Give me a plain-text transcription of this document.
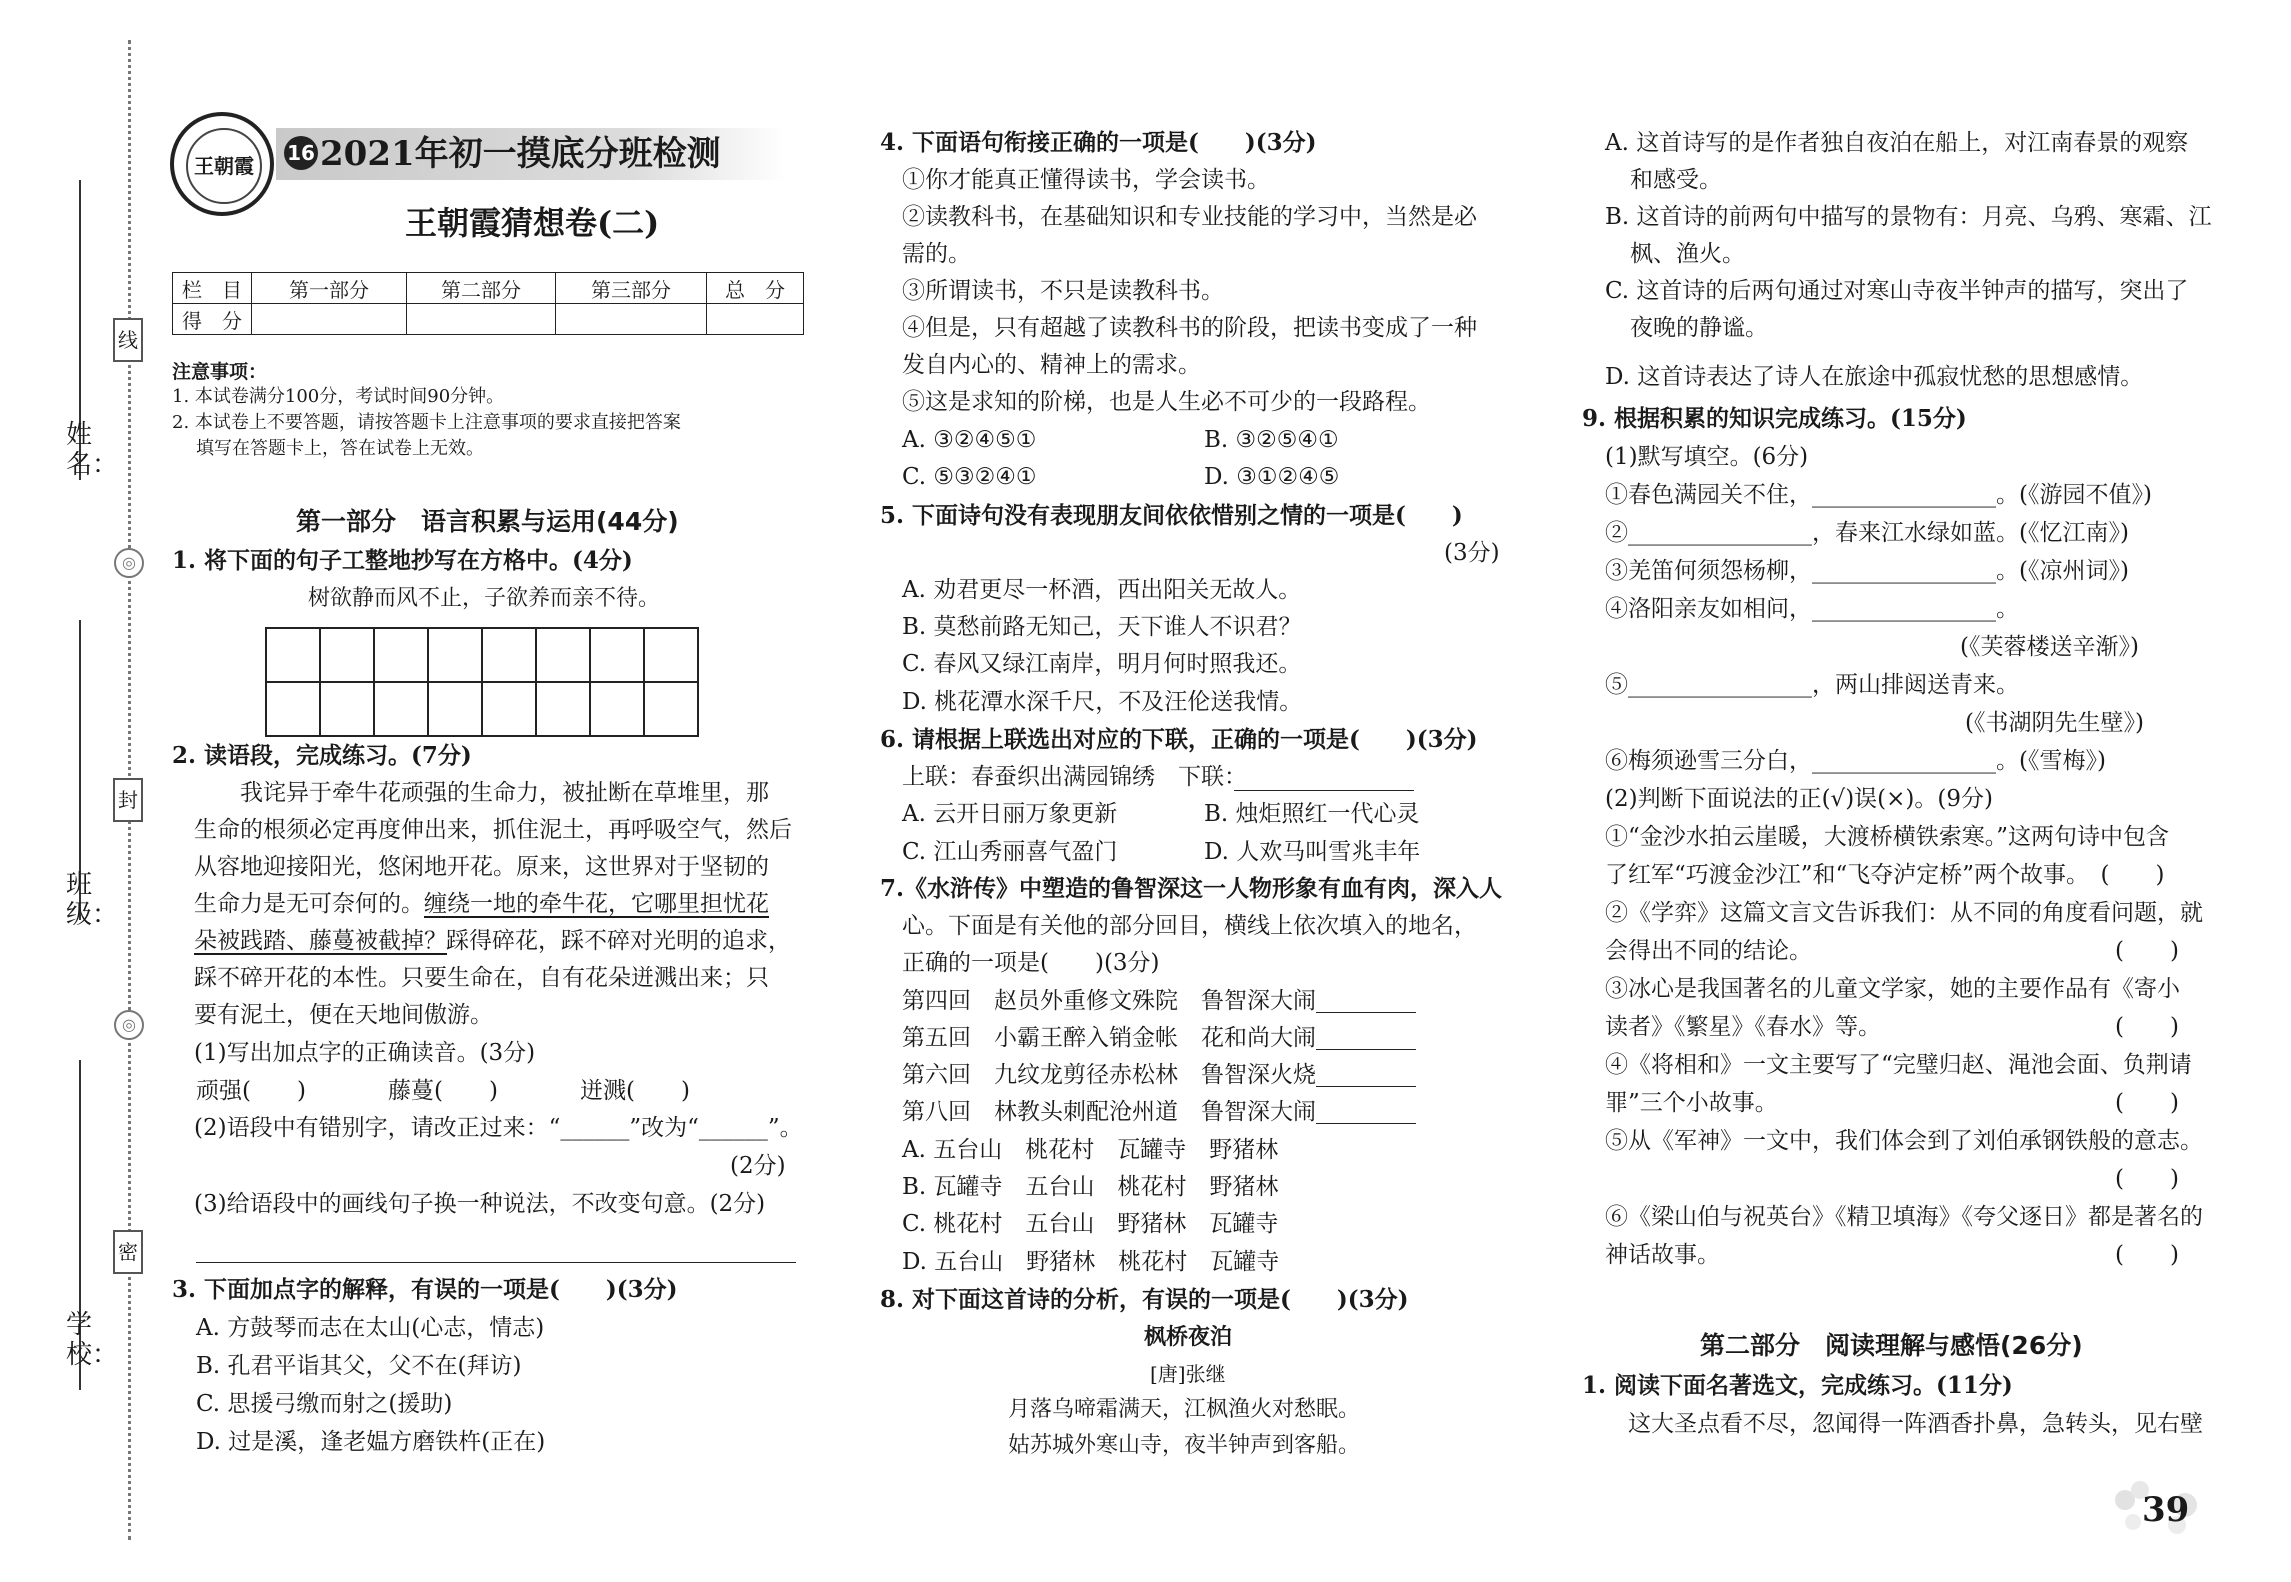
姓 名：
班 级：
学 校：
线
◎
封
◎
密
王朝霞
16 2021年初一摸底分班检测
王朝霞猜想卷(二)
栏　目	第一部分	第二部分	第三部分	总　分
得　分				
注意事项：
1. 本试卷满分100分，考试时间90分钟。
2. 本试卷上不要答题，请按答题卡上注意事项的要求直接把答案
填写在答题卡上，答在试卷上无效。
第一部分　语言积累与运用(44分)
1. 将下面的句子工整地抄写在方格中。(4分)
树欲静而风不止，子欲养而亲不待。

2. 读语段，完成练习。(7分)
我诧异于牵牛花顽强的生命力，被扯断在草堆里，那
生命的根须必定再度伸出来，抓住泥土，再呼吸空气，然后
从容地迎接阳光，悠闲地开花。原来，这世界对于坚韧的
生命力是无可奈何的。 缠绕一地的牵牛花，它哪里担忧花
朵被践踏、藤蔓被截掉？ 踩得碎花，踩不碎对光明的追求，
踩不碎开花的本性。只要生命在，自有花朵迸溅出来；只
要有泥土，便在天地间傲游。
(1)写出加点字的正确读音。(3分)
顽强(　　)	藤蔓(　　)	迸溅(　　)
(2)语段中有错别字，请改正过来：“______”改为“______”。
(2分)
(3)给语段中的画线句子换一种说法，不改变句意。(2分)
3. 下面加点字的解释，有误的一项是(　　)(3分)
A. 方鼓琴而志在太山(心志，情志)
B. 孔君平诣其父，父不在(拜访)
C. 思援弓缴而射之(援助)
D. 过是溪，逢老媪方磨铁杵(正在)
4. 下面语句衔接正确的一项是(　　)(3分)
①你才能真正懂得读书，学会读书。
②读教科书，在基础知识和专业技能的学习中，当然是必
需的。
③所谓读书，不只是读教科书。
④但是，只有超越了读教科书的阶段，把读书变成了一种
发自内心的、精神上的需求。
⑤这是求知的阶梯，也是人生必不可少的一段路程。
A. ③②④⑤①	B. ③②⑤④①
C. ⑤③②④①	D. ③①②④⑤
5. 下面诗句没有表现朋友间依依惜别之情的一项是(　　)
(3分)
A. 劝君更尽一杯酒，西出阳关无故人。
B. 莫愁前路无知己，天下谁人不识君？
C. 春风又绿江南岸，明月何时照我还。
D. 桃花潭水深千尺，不及汪伦送我情。
6. 请根据上联选出对应的下联，正确的一项是(　　)(3分)
上联：春蚕织出满园锦绣　下联：
A. 云开日丽万象更新	B. 烛炬照红一代心灵
C. 江山秀丽喜气盈门	D. 人欢马叫雪兆丰年
7.《水浒传》中塑造的鲁智深这一人物形象有血有肉，深入人
心。下面是有关他的部分回目，横线上依次填入的地名，
正确的一项是(　　)(3分)
第四回　赵员外重修文殊院　鲁智深大闹
第五回　小霸王醉入销金帐　花和尚大闹
第六回　九纹龙剪径赤松林　鲁智深火烧
第八回　林教头刺配沧州道　鲁智深大闹
A. 五台山　桃花村　瓦罐寺　野猪林
B. 瓦罐寺　五台山　桃花村　野猪林
C. 桃花村　五台山　野猪林　瓦罐寺
D. 五台山　野猪林　桃花村　瓦罐寺
8. 对下面这首诗的分析，有误的一项是(　　)(3分)
枫桥夜泊
[唐]张继
月落乌啼霜满天，江枫渔火对愁眠。
姑苏城外寒山寺，夜半钟声到客船。
A. 这首诗写的是作者独自夜泊在船上，对江南春景的观察
和感受。
B. 这首诗的前两句中描写的景物有：月亮、乌鸦、寒霜、江
枫、渔火。
C. 这首诗的后两句通过对寒山寺夜半钟声的描写，突出了
夜晚的静谧。
D. 这首诗表达了诗人在旅途中孤寂忧愁的思想感情。
9. 根据积累的知识完成练习。(15分)
(1)默写填空。(6分)
①春色满园关不住，________________。(《游园不值》)
②________________，春来江水绿如蓝。(《忆江南》)
③羌笛何须怨杨柳，________________。(《凉州词》)
④洛阳亲友如相问，________________。
(《芙蓉楼送辛渐》)
⑤________________，两山排闼送青来。
(《书湖阴先生壁》)
⑥梅须逊雪三分白，________________。(《雪梅》)
(2)判断下面说法的正(√)误(×)。(9分)
①“金沙水拍云崖暖，大渡桥横铁索寒。”这两句诗中包含
了红军“巧渡金沙江”和“飞夺泸定桥”两个故事。　(　　)
②《学弈》这篇文言文告诉我们：从不同的角度看问题，就
会得出不同的结论。	(　　)
③冰心是我国著名的儿童文学家，她的主要作品有《寄小
读者》《繁星》《春水》等。	(　　)
④《将相和》一文主要写了“完璧归赵、渑池会面、负荆请
罪”三个小故事。	(　　)
⑤从《军神》一文中，我们体会到了刘伯承钢铁般的意志。
(　　)
⑥《梁山伯与祝英台》《精卫填海》《夸父逐日》都是著名的
神话故事。	(　　)
第二部分　阅读理解与感悟(26分)
1. 阅读下面名著选文，完成练习。(11分)
这大圣点看不尽，忽闻得一阵酒香扑鼻，急转头，见右壁
39
